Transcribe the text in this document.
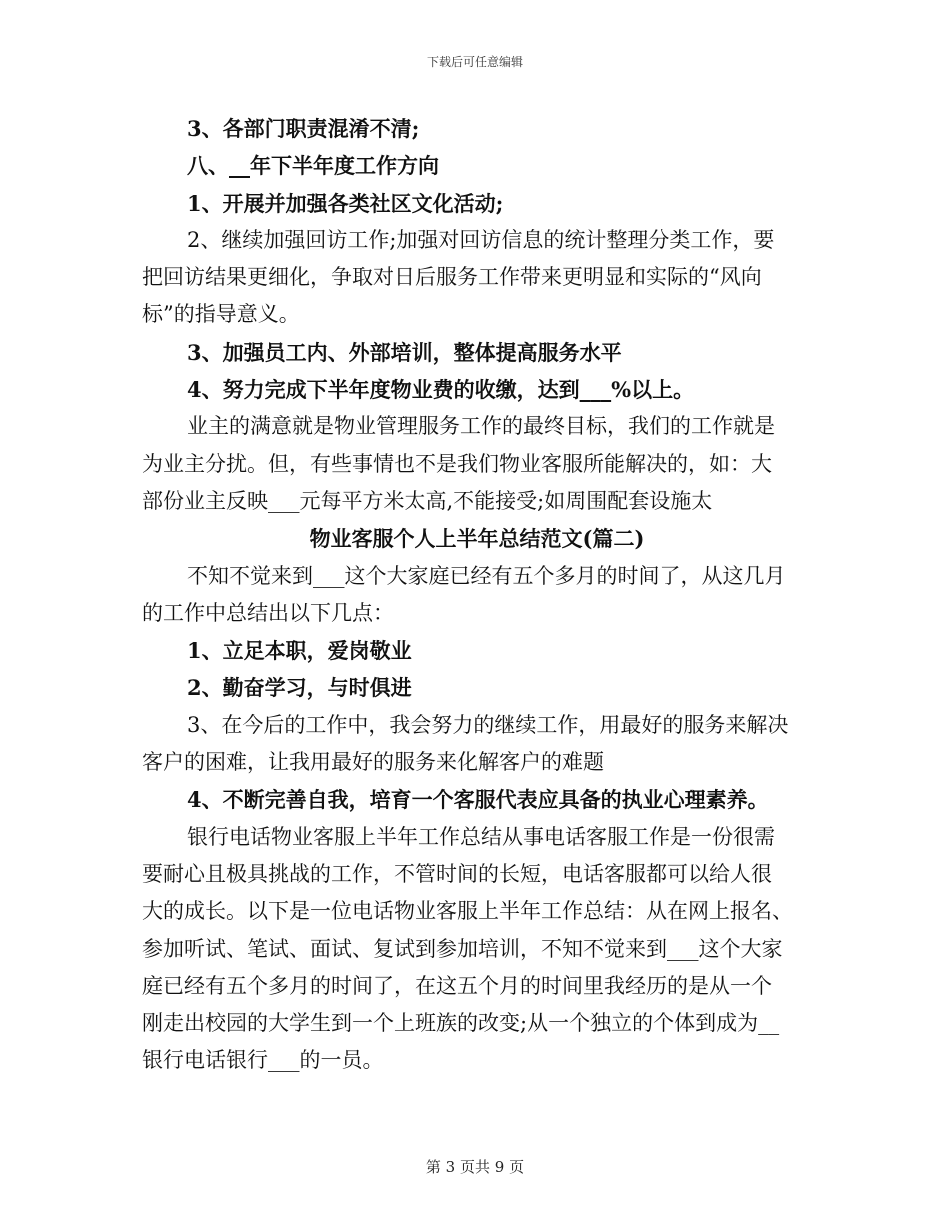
下载后可任意编辑
3、各部门职责混淆不清;
八、__年下半年度工作方向
1、开展并加强各类社区文化活动;
2、继续加强回访工作;加强对回访信息的统计整理分类工作，要
把回访结果更细化，争取对日后服务工作带来更明显和实际的“风向
标”的指导意义。
3、加强员工内、外部培训，整体提高服务水平
4、努力完成下半年度物业费的收缴，达到___%以上。
业主的满意就是物业管理服务工作的最终目标，我们的工作就是
为业主分扰。但，有些事情也不是我们物业客服所能解决的，如：大
部份业主反映___元每平方米太高,不能接受;如周围配套设施太
物业客服个人上半年总结范文(篇二)
不知不觉来到___这个大家庭已经有五个多月的时间了，从这几月
的工作中总结出以下几点：
1、立足本职，爱岗敬业
2、勤奋学习，与时俱进
3、在今后的工作中，我会努力的继续工作，用最好的服务来解决
客户的困难，让我用最好的服务来化解客户的难题
4、不断完善自我，培育一个客服代表应具备的执业心理素养。
银行电话物业客服上半年工作总结从事电话客服工作是一份很需
要耐心且极具挑战的工作，不管时间的长短，电话客服都可以给人很
大的成长。以下是一位电话物业客服上半年工作总结：从在网上报名、
参加听试、笔试、面试、复试到参加培训，不知不觉来到___这个大家
庭已经有五个多月的时间了，在这五个月的时间里我经历的是从一个
刚走出校园的大学生到一个上班族的改变;从一个独立的个体到成为__
银行电话银行___的一员。
第 3 页共 9 页
